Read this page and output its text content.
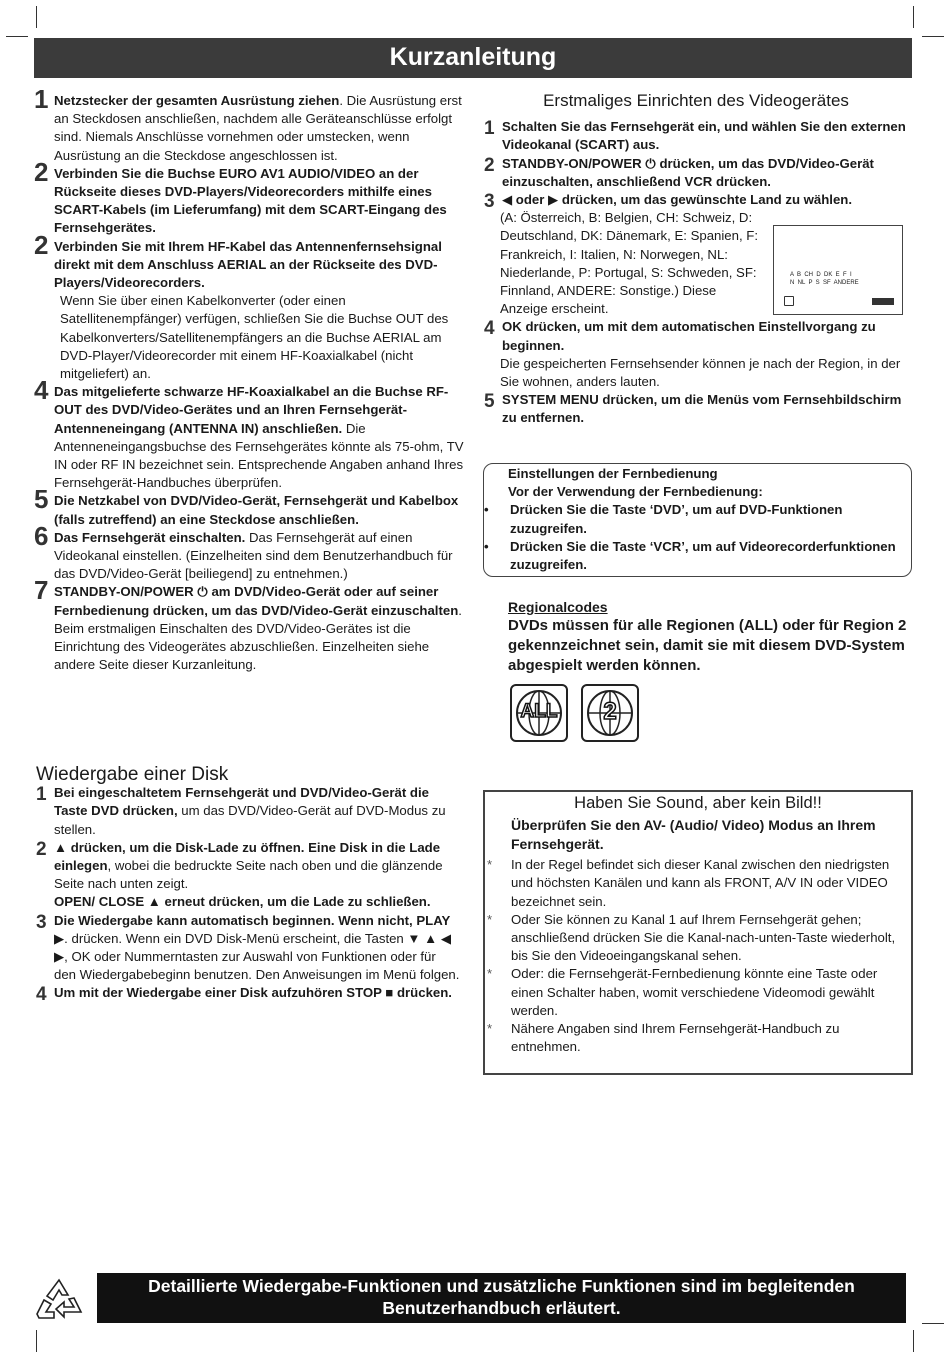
Kurzanleitung

1 Netzstecker der gesamten Ausrüstung ziehen. Die Ausrüstung erst an Steckdosen anschließen, nachdem alle Geräteanschlüsse erfolgt sind. Niemals Anschlüsse vornehmen oder umstecken, wenn Ausrüstung an die Steckdose angeschlossen ist.

2 Verbinden Sie die Buchse EURO AV1 AUDIO/VIDEO an der Rückseite dieses DVD-Players/Videorecorders mithilfe eines SCART-Kabels (im Lieferumfang) mit dem SCART-Eingang des Fernsehgerätes.

2 Verbinden Sie mit Ihrem HF-Kabel das Antennenfernsehsignal direkt mit dem Anschluss AERIAL an der Rückseite des DVD-Players/Videorecorders.

Wenn Sie über einen Kabelkonverter (oder einen Satellitenempfänger) verfügen, schließen Sie die Buchse OUT des Kabelkonverters/Satellitenempfängers an die Buchse AERIAL am DVD-Player/Videorecorder mit einem HF-Koaxialkabel (nicht mitgeliefert) an.

4 Das mitgelieferte schwarze HF-Koaxialkabel an die Buchse RF-OUT des DVD/Video-Gerätes und an Ihren Fernsehgerät-Antenneneingang (ANTENNA IN) anschließen. Die Antenneneingangsbuchse des Fernsehgerätes könnte als 75-ohm, TV IN oder RF IN bezeichnet sein. Entsprechende Angaben anhand Ihres Fernsehgerät-Handbuches überprüfen.

5 Die Netzkabel von DVD/Video-Gerät, Fernsehgerät und Kabelbox (falls zutreffend) an eine Steckdose anschließen.

6 Das Fernsehgerät einschalten. Das Fernsehgerät auf einen Videokanal einstellen. (Einzelheiten sind dem Benutzerhandbuch für das DVD/Video-Gerät [beiliegend] zu entnehmen.)

7 STANDBY-ON/POWER ⏻ am DVD/Video-Gerät oder auf seiner Fernbedienung drücken, um das DVD/Video-Gerät einzuschalten. Beim erstmaligen Einschalten des DVD/Video-Gerätes ist die Einrichtung des Videogerätes abzuschließen. Einzelheiten siehe andere Seite dieser Kurzanleitung.

Erstmaliges Einrichten des Videogerätes

1 Schalten Sie das Fernsehgerät ein, und wählen Sie den externen Videokanal (SCART) aus.

2 STANDBY-ON/POWER ⏻ drücken, um das DVD/Video-Gerät einzuschalten, anschließend VCR drücken.

3 ◀ oder ▶ drücken, um das gewünschte Land zu wählen.

(A: Österreich, B: Belgien, CH: Schweiz, D: Deutschland, DK: Dänemark, E: Spanien, F: Frankreich, I: Italien, N: Norwegen, NL: Niederlande, P: Portugal, S: Schweden, SF: Finnland, ANDERE: Sonstige.) Diese Anzeige erscheint.

4 OK drücken, um mit dem automatischen Einstellvorgang zu beginnen.

Die gespeicherten Fernsehsender können je nach der Region, in der Sie wohnen, anders lauten.

5 SYSTEM MENU drücken, um die Menüs vom Fernsehbildschirm zu entfernen.

A  B  CH  D  DK  E  F  I
N  NL  P  S  SF  ANDERE

Einstellungen der Fernbedienung

Vor der Verwendung der Fernbedienung:

• Drücken Sie die Taste ‘DVD’, um auf DVD-Funktionen zuzugreifen.

• Drücken Sie die Taste ‘VCR’, um auf Videorecorderfunktionen zuzugreifen.

Regionalcodes

DVDs müssen für alle Regionen (ALL) oder für Region 2 gekennzeichnet sein, damit sie mit diesem DVD-System abgespielt werden können.

ALL	2

Wiedergabe einer Disk

1 Bei eingeschaltetem Fernsehgerät und DVD/Video-Gerät die Taste DVD drücken, um das DVD/Video-Gerät auf DVD-Modus zu stellen.

2 ▲ drücken, um die Disk-Lade zu öffnen. Eine Disk in die Lade einlegen, wobei die bedruckte Seite nach oben und die glänzende Seite nach unten zeigt.

OPEN/ CLOSE ▲ erneut drücken, um die Lade zu schließen.

3 Die Wiedergabe kann automatisch beginnen. Wenn nicht, PLAY ▶. drücken. Wenn ein DVD Disk-Menü erscheint, die Tasten ▼ ▲ ◀ ▶, OK oder Nummerntasten zur Auswahl von Funktionen oder für den Wiedergabebeginn benutzen. Den Anweisungen im Menü folgen.

4 Um mit der Wiedergabe einer Disk aufzuhören STOP ■ drücken.

Haben Sie Sound, aber kein Bild!!

Überprüfen Sie den AV- (Audio/ Video) Modus an Ihrem Fernsehgerät.

* In der Regel befindet sich dieser Kanal zwischen den niedrigsten und höchsten Kanälen und kann als FRONT, A/V IN oder VIDEO bezeichnet sein.

* Oder Sie können zu Kanal 1 auf Ihrem Fernsehgerät gehen; anschließend drücken Sie die Kanal-nach-unten-Taste wiederholt, bis Sie den Videoeingangskanal sehen.

* Oder: die Fernsehgerät-Fernbedienung könnte eine Taste oder einen Schalter haben, womit verschiedene Videomodi gewählt werden.

* Nähere Angaben sind Ihrem Fernsehgerät-Handbuch zu entnehmen.

Detaillierte Wiedergabe-Funktionen und zusätzliche Funktionen sind im begleitenden Benutzerhandbuch erläutert.
